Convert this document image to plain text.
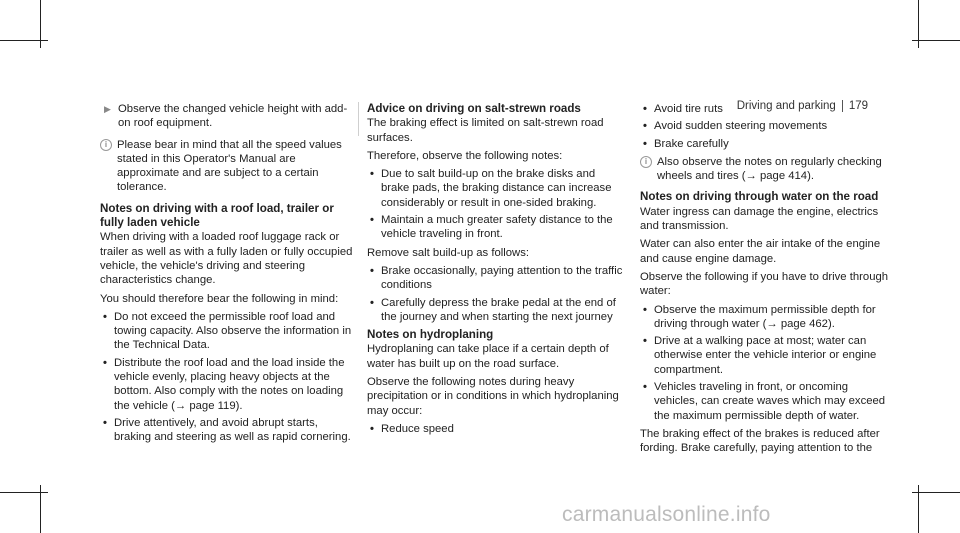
Driving and parking 179
▶ Observe the changed vehicle height with add-on roof equipment.
i Please bear in mind that all the speed values stated in this Operator's Manual are approximate and are subject to a certain tolerance.
Notes on driving with a roof load, trailer or fully laden vehicle

When driving with a loaded roof luggage rack or trailer as well as with a fully laden or fully occupied vehicle, the vehicle's driving and steering characteristics change.

You should therefore bear the following in mind:

• Do not exceed the permissible roof load and towing capacity. Also observe the information in the Technical Data.
• Distribute the roof load and the load inside the vehicle evenly, placing heavy objects at the bottom. Also comply with the notes on loading the vehicle (→ page 119).
• Drive attentively, and avoid abrupt starts, braking and steering as well as rapid cornering.
Advice on driving on salt-strewn roads

The braking effect is limited on salt-strewn road surfaces.

Therefore, observe the following notes:

• Due to salt build-up on the brake disks and brake pads, the braking distance can increase considerably or result in one-sided braking.
• Maintain a much greater safety distance to the vehicle traveling in front.

Remove salt build-up as follows:

• Brake occasionally, paying attention to the traffic conditions
• Carefully depress the brake pedal at the end of the journey and when starting the next journey
Notes on hydroplaning

Hydroplaning can take place if a certain depth of water has built up on the road surface.

Observe the following notes during heavy precipitation or in conditions in which hydroplaning may occur:

• Reduce speed
• Avoid tire ruts
• Avoid sudden steering movements
• Brake carefully
i Also observe the notes on regularly checking wheels and tires (→ page 414).
Notes on driving through water on the road

Water ingress can damage the engine, electrics and transmission.

Water can also enter the air intake of the engine and cause engine damage.

Observe the following if you have to drive through water:

• Observe the maximum permissible depth for driving through water (→ page 462).
• Drive at a walking pace at most; water can otherwise enter the vehicle interior or engine compartment.
• Vehicles traveling in front, or oncoming vehicles, can create waves which may exceed the maximum permissible depth of water.

The braking effect of the brakes is reduced after fording. Brake carefully, paying attention to the

carmanualsonline.info
